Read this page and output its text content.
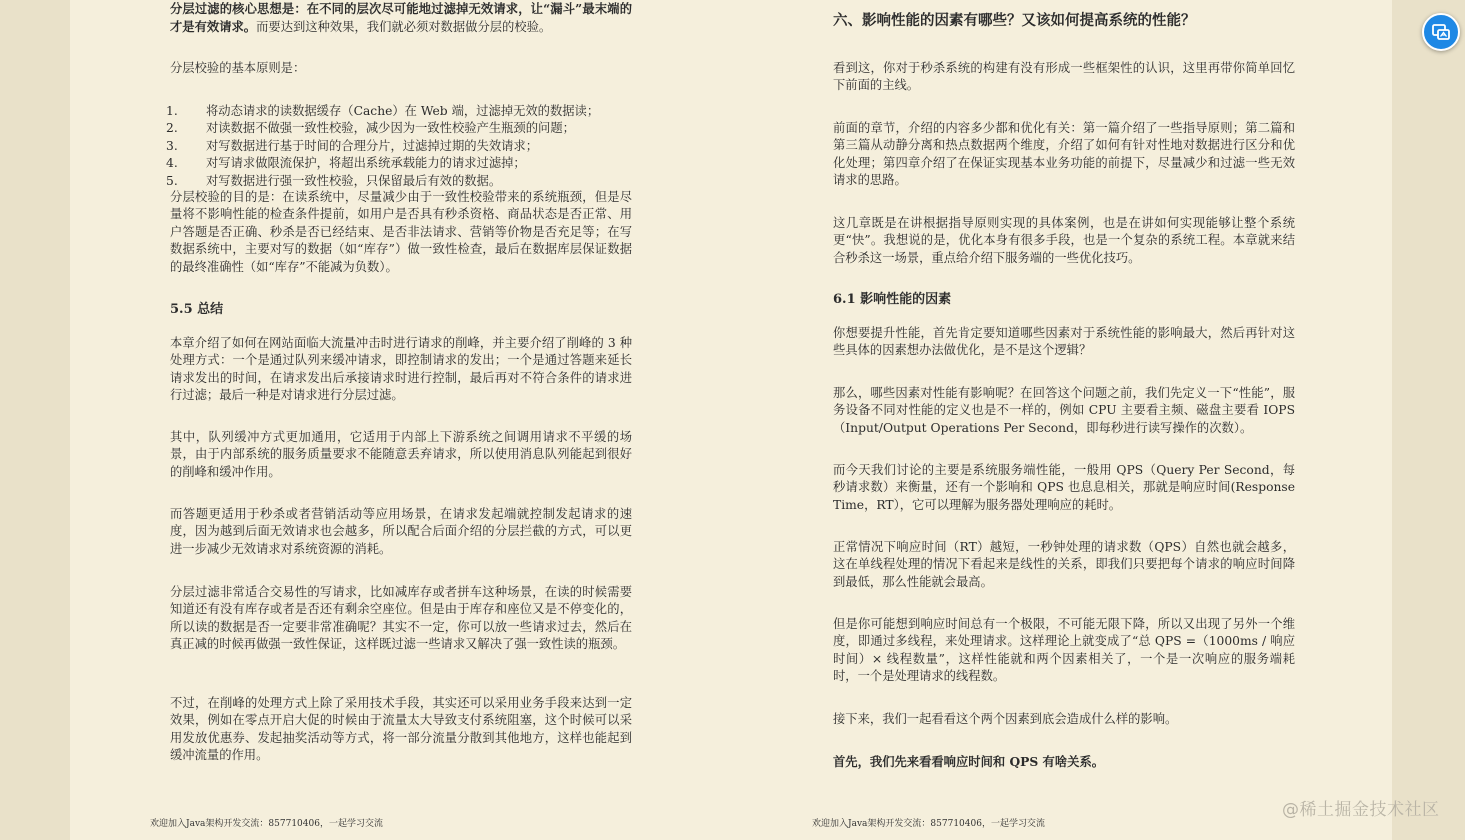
分层过滤的核心思想是：在不同的层次尽可能地过滤掉无效请求，让“漏斗”最末端的才是有效请求。而要达到这种效果，我们就必须对数据做分层的校验。

分层校验的基本原则是：

1.	将动态请求的读数据缓存（Cache）在 Web 端，过滤掉无效的数据读；
2.	对读数据不做强一致性校验，减少因为一致性校验产生瓶颈的问题；
3.	对写数据进行基于时间的合理分片，过滤掉过期的失效请求；
4.	对写请求做限流保护，将超出系统承载能力的请求过滤掉；
5.	对写数据进行强一致性校验，只保留最后有效的数据。

分层校验的目的是：在读系统中，尽量减少由于一致性校验带来的系统瓶颈，但是尽量将不影响性能的检查条件提前，如用户是否具有秒杀资格、商品状态是否正常、用户答题是否正确、秒杀是否已经结束、是否非法请求、营销等价物是否充足等；在写数据系统中，主要对写的数据（如“库存”）做一致性检查，最后在数据库层保证数据的最终准确性（如“库存”不能减为负数）。

5.5 总结

本章介绍了如何在网站面临大流量冲击时进行请求的削峰，并主要介绍了削峰的 3 种处理方式：一个是通过队列来缓冲请求，即控制请求的发出；一个是通过答题来延长请求发出的时间，在请求发出后承接请求时进行控制，最后再对不符合条件的请求进行过滤；最后一种是对请求进行分层过滤。

其中，队列缓冲方式更加通用，它适用于内部上下游系统之间调用请求不平缓的场景，由于内部系统的服务质量要求不能随意丢弃请求，所以使用消息队列能起到很好的削峰和缓冲作用。

而答题更适用于秒杀或者营销活动等应用场景，在请求发起端就控制发起请求的速度，因为越到后面无效请求也会越多，所以配合后面介绍的分层拦截的方式，可以更进一步减少无效请求对系统资源的消耗。

分层过滤非常适合交易性的写请求，比如减库存或者拼车这种场景，在读的时候需要知道还有没有库存或者是否还有剩余空座位。但是由于库存和座位又是不停变化的，所以读的数据是否一定要非常准确呢？其实不一定，你可以放一些请求过去，然后在真正减的时候再做强一致性保证，这样既过滤一些请求又解决了强一致性读的瓶颈。

不过，在削峰的处理方式上除了采用技术手段，其实还可以采用业务手段来达到一定效果，例如在零点开启大促的时候由于流量太大导致支付系统阻塞，这个时候可以采用发放优惠券、发起抽奖活动等方式，将一部分流量分散到其他地方，这样也能起到缓冲流量的作用。

欢迎加入Java架构开发交流：857710406，一起学习交流

六、影响性能的因素有哪些？又该如何提高系统的性能？

看到这，你对于秒杀系统的构建有没有形成一些框架性的认识，这里再带你简单回忆下前面的主线。

前面的章节，介绍的内容多少都和优化有关：第一篇介绍了一些指导原则；第二篇和第三篇从动静分离和热点数据两个维度，介绍了如何有针对性地对数据进行区分和优化处理；第四章介绍了在保证实现基本业务功能的前提下，尽量减少和过滤一些无效请求的思路。

这几章既是在讲根据指导原则实现的具体案例，也是在讲如何实现能够让整个系统更“快”。我想说的是，优化本身有很多手段，也是一个复杂的系统工程。本章就来结合秒杀这一场景，重点给介绍下服务端的一些优化技巧。

6.1 影响性能的因素

你想要提升性能，首先肯定要知道哪些因素对于系统性能的影响最大，然后再针对这些具体的因素想办法做优化，是不是这个逻辑？

那么，哪些因素对性能有影响呢？在回答这个问题之前，我们先定义一下“性能”，服务设备不同对性能的定义也是不一样的，例如 CPU 主要看主频、磁盘主要看 IOPS（Input/Output Operations Per Second，即每秒进行读写操作的次数）。

而今天我们讨论的主要是系统服务端性能，一般用 QPS（Query Per Second，每秒请求数）来衡量，还有一个影响和 QPS 也息息相关，那就是响应时间(Response Time，RT），它可以理解为服务器处理响应的耗时。

正常情况下响应时间（RT）越短，一秒钟处理的请求数（QPS）自然也就会越多，这在单线程处理的情况下看起来是线性的关系，即我们只要把每个请求的响应时间降到最低，那么性能就会最高。

但是你可能想到响应时间总有一个极限，不可能无限下降，所以又出现了另外一个维度，即通过多线程，来处理请求。这样理论上就变成了“总 QPS =（1000ms / 响应时间）× 线程数量”，这样性能就和两个因素相关了，一个是一次响应的服务端耗时，一个是处理请求的线程数。

接下来，我们一起看看这个两个因素到底会造成什么样的影响。

首先，我们先来看看响应时间和 QPS 有啥关系。

欢迎加入Java架构开发交流：857710406，一起学习交流
@稀土掘金技术社区
